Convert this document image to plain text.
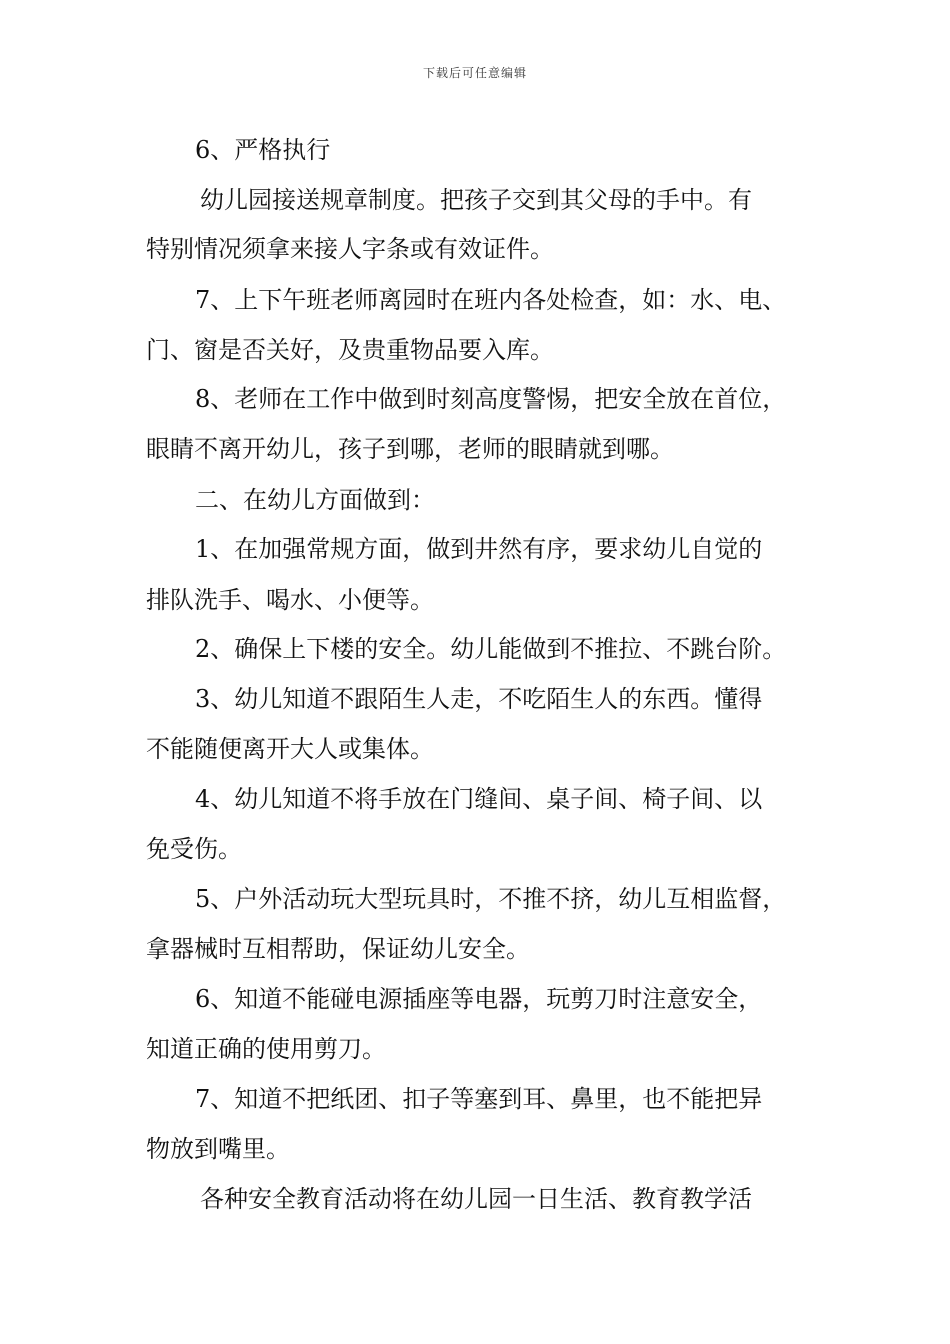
下载后可任意编辑
6、严格执行
幼儿园接送规章制度。把孩子交到其父母的手中。有
特别情况须拿来接人字条或有效证件。
7、上下午班老师离园时在班内各处检查，如：水、电、
门、窗是否关好，及贵重物品要入库。
8、老师在工作中做到时刻高度警惕，把安全放在首位，
眼睛不离开幼儿，孩子到哪，老师的眼睛就到哪。
二、在幼儿方面做到：
1、在加强常规方面，做到井然有序，要求幼儿自觉的
排队洗手、喝水、小便等。
2、确保上下楼的安全。幼儿能做到不推拉、不跳台阶。
3、幼儿知道不跟陌生人走，不吃陌生人的东西。懂得
不能随便离开大人或集体。
4、幼儿知道不将手放在门缝间、桌子间、椅子间、以
免受伤。
5、户外活动玩大型玩具时，不推不挤，幼儿互相监督，
拿器械时互相帮助，保证幼儿安全。
6、知道不能碰电源插座等电器，玩剪刀时注意安全，
知道正确的使用剪刀。
7、知道不把纸团、扣子等塞到耳、鼻里，也不能把异
物放到嘴里。
各种安全教育活动将在幼儿园一日生活、教育教学活
